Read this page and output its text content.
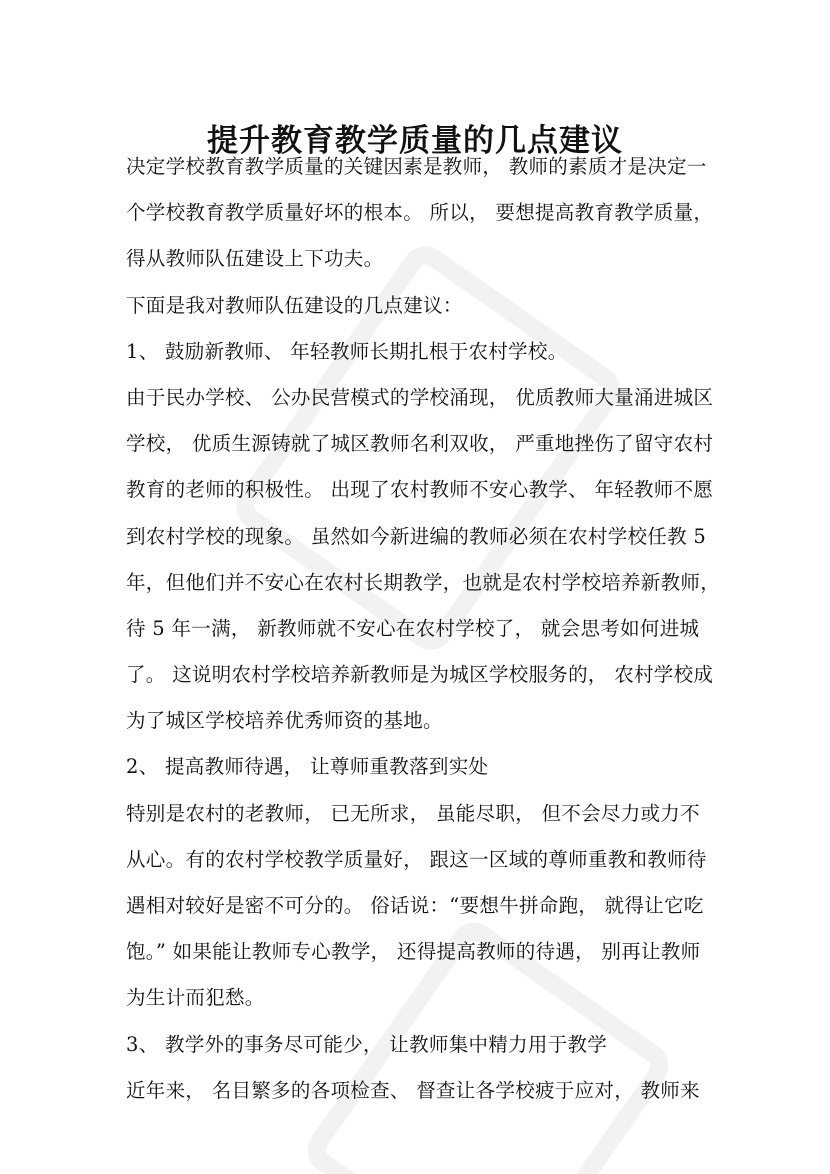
提升教育教学质量的几点建议
决定学校教育教学质量的关键因素是教师， 教师的素质才是决定一
个学校教育教学质量好坏的根本。 所以， 要想提高教育教学质量，
得从教师队伍建设上下功夫。
下面是我对教师队伍建设的几点建议：
1、 鼓励新教师、 年轻教师长期扎根于农村学校。
由于民办学校、 公办民营模式的学校涌现， 优质教师大量涌进城区
学校， 优质生源铸就了城区教师名利双收， 严重地挫伤了留守农村
教育的老师的积极性。 出现了农村教师不安心教学、 年轻教师不愿
到农村学校的现象。 虽然如今新进编的教师必须在农村学校任教 5
年，但他们并不安心在农村长期教学，也就是农村学校培养新教师，
待 5 年一满， 新教师就不安心在农村学校了， 就会思考如何进城
了。 这说明农村学校培养新教师是为城区学校服务的， 农村学校成
为了城区学校培养优秀师资的基地。
2、 提高教师待遇， 让尊师重教落到实处
特别是农村的老教师， 已无所求， 虽能尽职， 但不会尽力或力不
从心。有的农村学校教学质量好， 跟这一区域的尊师重教和教师待
遇相对较好是密不可分的。 俗话说：“要想牛拼命跑， 就得让它吃
饱。” 如果能让教师专心教学， 还得提高教师的待遇， 别再让教师
为生计而犯愁。
3、 教学外的事务尽可能少， 让教师集中精力用于教学
近年来， 名目繁多的各项检查、 督查让各学校疲于应对， 教师来
